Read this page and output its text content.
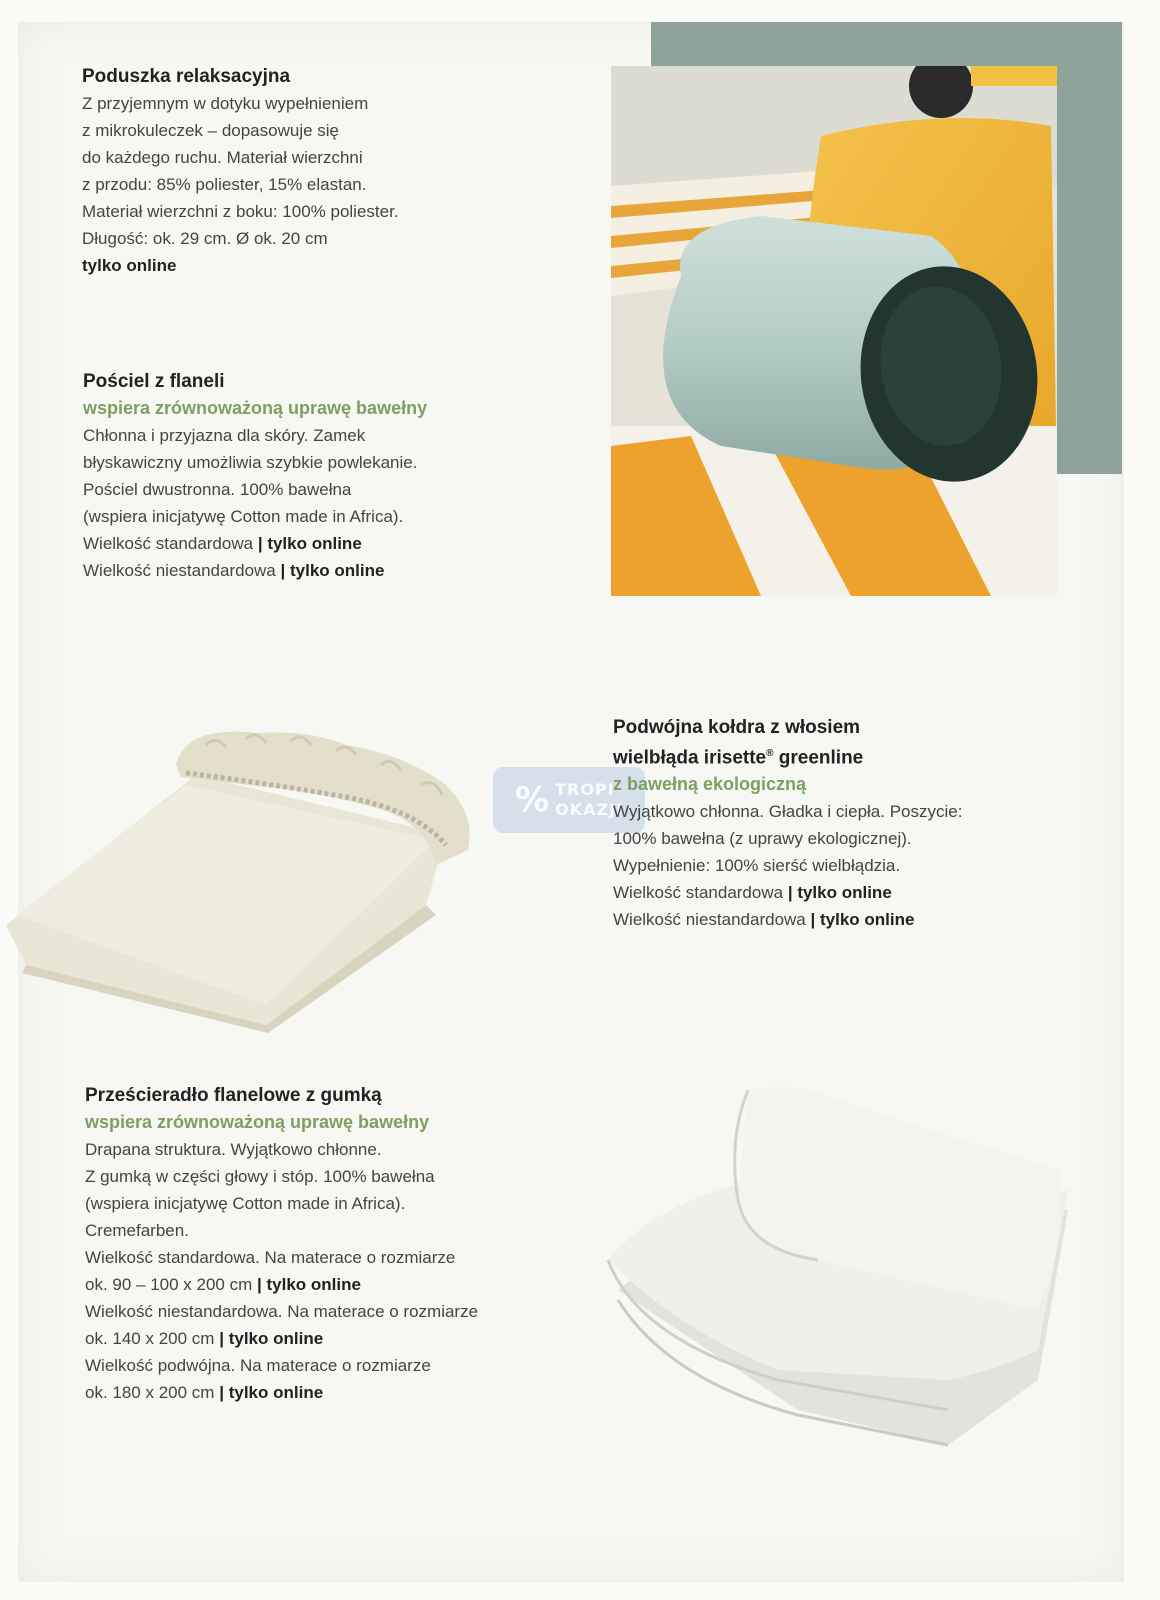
Poduszka relaksacyjna
Z przyjemnym w dotyku wypełnieniem
z mikrokuleczek – dopasowuje się
do każdego ruchu. Materiał wierzchni
z przodu: 85% poliester, 15% elastan.
Materiał wierzchni z boku: 100% poliester.
Długość: ok. 29 cm. Ø ok. 20 cm
tylko online
Pościel z flaneli
wspiera zrównoważoną uprawę bawełny
Chłonna i przyjazna dla skóry. Zamek
błyskawiczny umożliwia szybkie powlekanie.
Pościel dwustronna. 100% bawełna
(wspiera inicjatywę Cotton made in Africa).
Wielkość standardowa | tylko online
Wielkość niestandardowa | tylko online
% TROPI
OKAZJI
Podwójna kołdra z włosiem
wielbłąda irisette® greenline
z bawełną ekologiczną
Wyjątkowo chłonna. Gładka i ciepła. Poszycie:
100% bawełna (z uprawy ekologicznej).
Wypełnienie: 100% sierść wielbłądzia.
Wielkość standardowa | tylko online
Wielkość niestandardowa | tylko online
Prześcieradło flanelowe z gumką
wspiera zrównoważoną uprawę bawełny
Drapana struktura. Wyjątkowo chłonne.
Z gumką w części głowy i stóp. 100% bawełna
(wspiera inicjatywę Cotton made in Africa).
Cremefarben.
Wielkość standardowa. Na materace o rozmiarze
ok. 90 – 100 x 200 cm | tylko online
Wielkość niestandardowa. Na materace o rozmiarze
ok. 140 x 200 cm | tylko online
Wielkość podwójna. Na materace o rozmiarze
ok. 180 x 200 cm | tylko online
